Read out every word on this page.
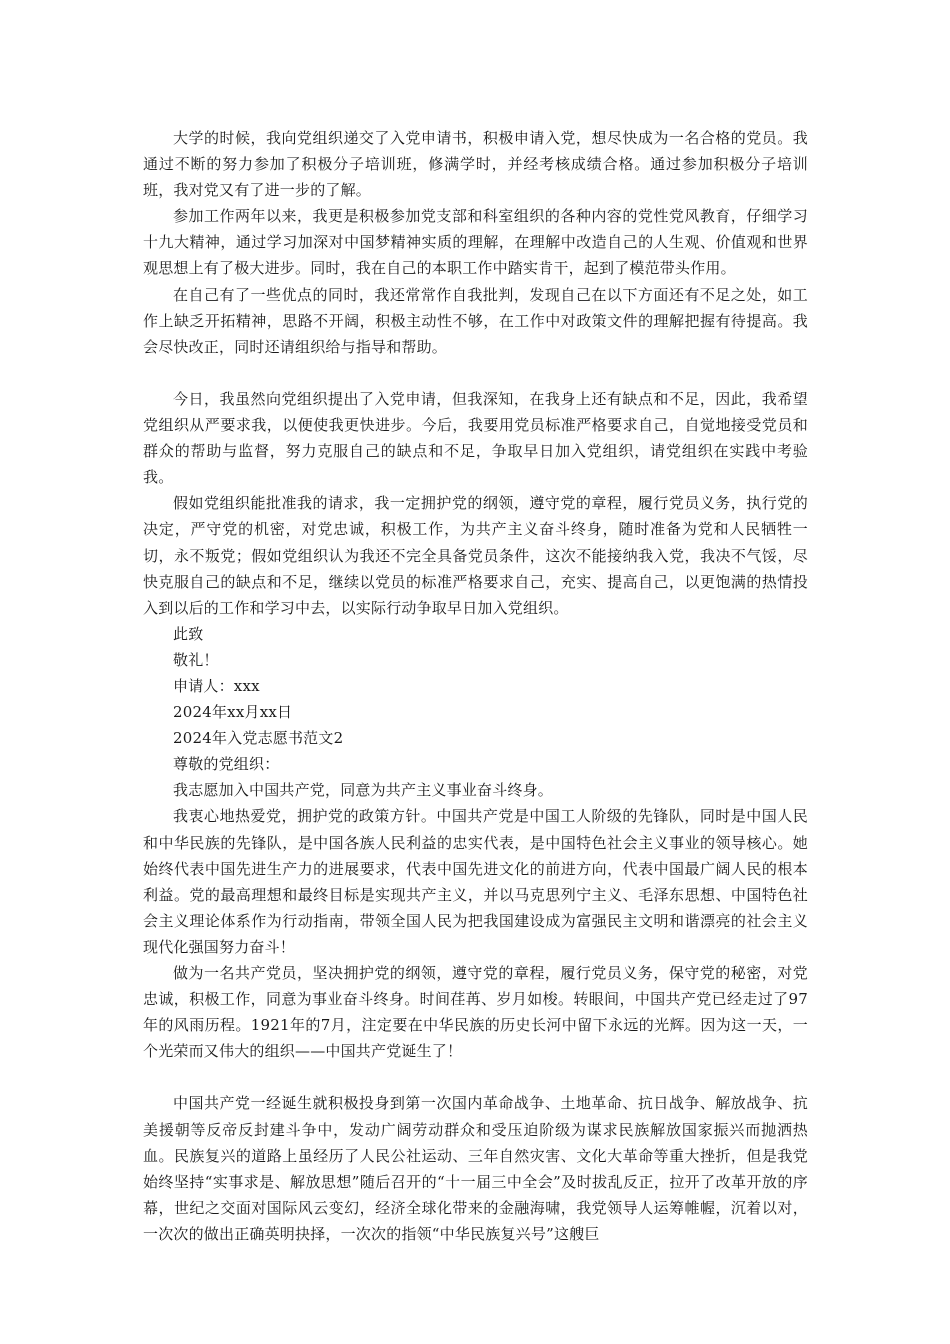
大学的时候，我向党组织递交了入党申请书，积极申请入党，想尽快成为一名合格的党员。我通过不断的努力参加了积极分子培训班，修满学时，并经考核成绩合格。通过参加积极分子培训班，我对党又有了进一步的了解。

参加工作两年以来，我更是积极参加党支部和科室组织的各种内容的党性党风教育，仔细学习十九大精神，通过学习加深对中国梦精神实质的理解，在理解中改造自己的人生观、价值观和世界观思想上有了极大进步。同时，我在自己的本职工作中踏实肯干，起到了模范带头作用。

在自己有了一些优点的同时，我还常常作自我批判，发现自己在以下方面还有不足之处，如工作上缺乏开拓精神，思路不开阔，积极主动性不够，在工作中对政策文件的理解把握有待提高。我会尽快改正，同时还请组织给与指导和帮助。

今日，我虽然向党组织提出了入党申请，但我深知，在我身上还有缺点和不足，因此，我希望党组织从严要求我，以便使我更快进步。今后，我要用党员标准严格要求自己，自觉地接受党员和群众的帮助与监督，努力克服自己的缺点和不足，争取早日加入党组织，请党组织在实践中考验我。

假如党组织能批准我的请求，我一定拥护党的纲领，遵守党的章程，履行党员义务，执行党的决定，严守党的机密，对党忠诚，积极工作，为共产主义奋斗终身，随时准备为党和人民牺牲一切，永不叛党；假如党组织认为我还不完全具备党员条件，这次不能接纳我入党，我决不气馁，尽快克服自己的缺点和不足，继续以党员的标准严格要求自己，充实、提高自己，以更饱满的热情投入到以后的工作和学习中去，以实际行动争取早日加入党组织。

此致

敬礼！

申请人：xxx

2024年xx月xx日

2024年入党志愿书范文2

尊敬的党组织：

我志愿加入中国共产党，同意为共产主义事业奋斗终身。

我衷心地热爱党，拥护党的政策方针。中国共产党是中国工人阶级的先锋队，同时是中国人民和中华民族的先锋队，是中国各族人民利益的忠实代表，是中国特色社会主义事业的领导核心。她始终代表中国先进生产力的进展要求，代表中国先进文化的前进方向，代表中国最广阔人民的根本利益。党的最高理想和最终目标是实现共产主义，并以马克思列宁主义、毛泽东思想、中国特色社会主义理论体系作为行动指南，带领全国人民为把我国建设成为富强民主文明和谐漂亮的社会主义现代化强国努力奋斗！

做为一名共产党员，坚决拥护党的纲领，遵守党的章程，履行党员义务，保守党的秘密，对党忠诚，积极工作，同意为事业奋斗终身。时间荏苒、岁月如梭。转眼间，中国共产党已经走过了97年的风雨历程。1921年的7月，注定要在中华民族的历史长河中留下永远的光辉。因为这一天，一个光荣而又伟大的组织——中国共产党诞生了！

中国共产党一经诞生就积极投身到第一次国内革命战争、土地革命、抗日战争、解放战争、抗美援朝等反帝反封建斗争中，发动广阔劳动群众和受压迫阶级为谋求民族解放国家振兴而抛洒热血。民族复兴的道路上虽经历了人民公社运动、三年自然灾害、文化大革命等重大挫折，但是我党始终坚持“实事求是、解放思想”随后召开的“十一届三中全会”及时拔乱反正，拉开了改革开放的序幕，世纪之交面对国际风云变幻，经济全球化带来的金融海啸，我党领导人运筹帷幄，沉着以对，一次次的做出正确英明抉择，一次次的指领“中华民族复兴号”这艘巨
